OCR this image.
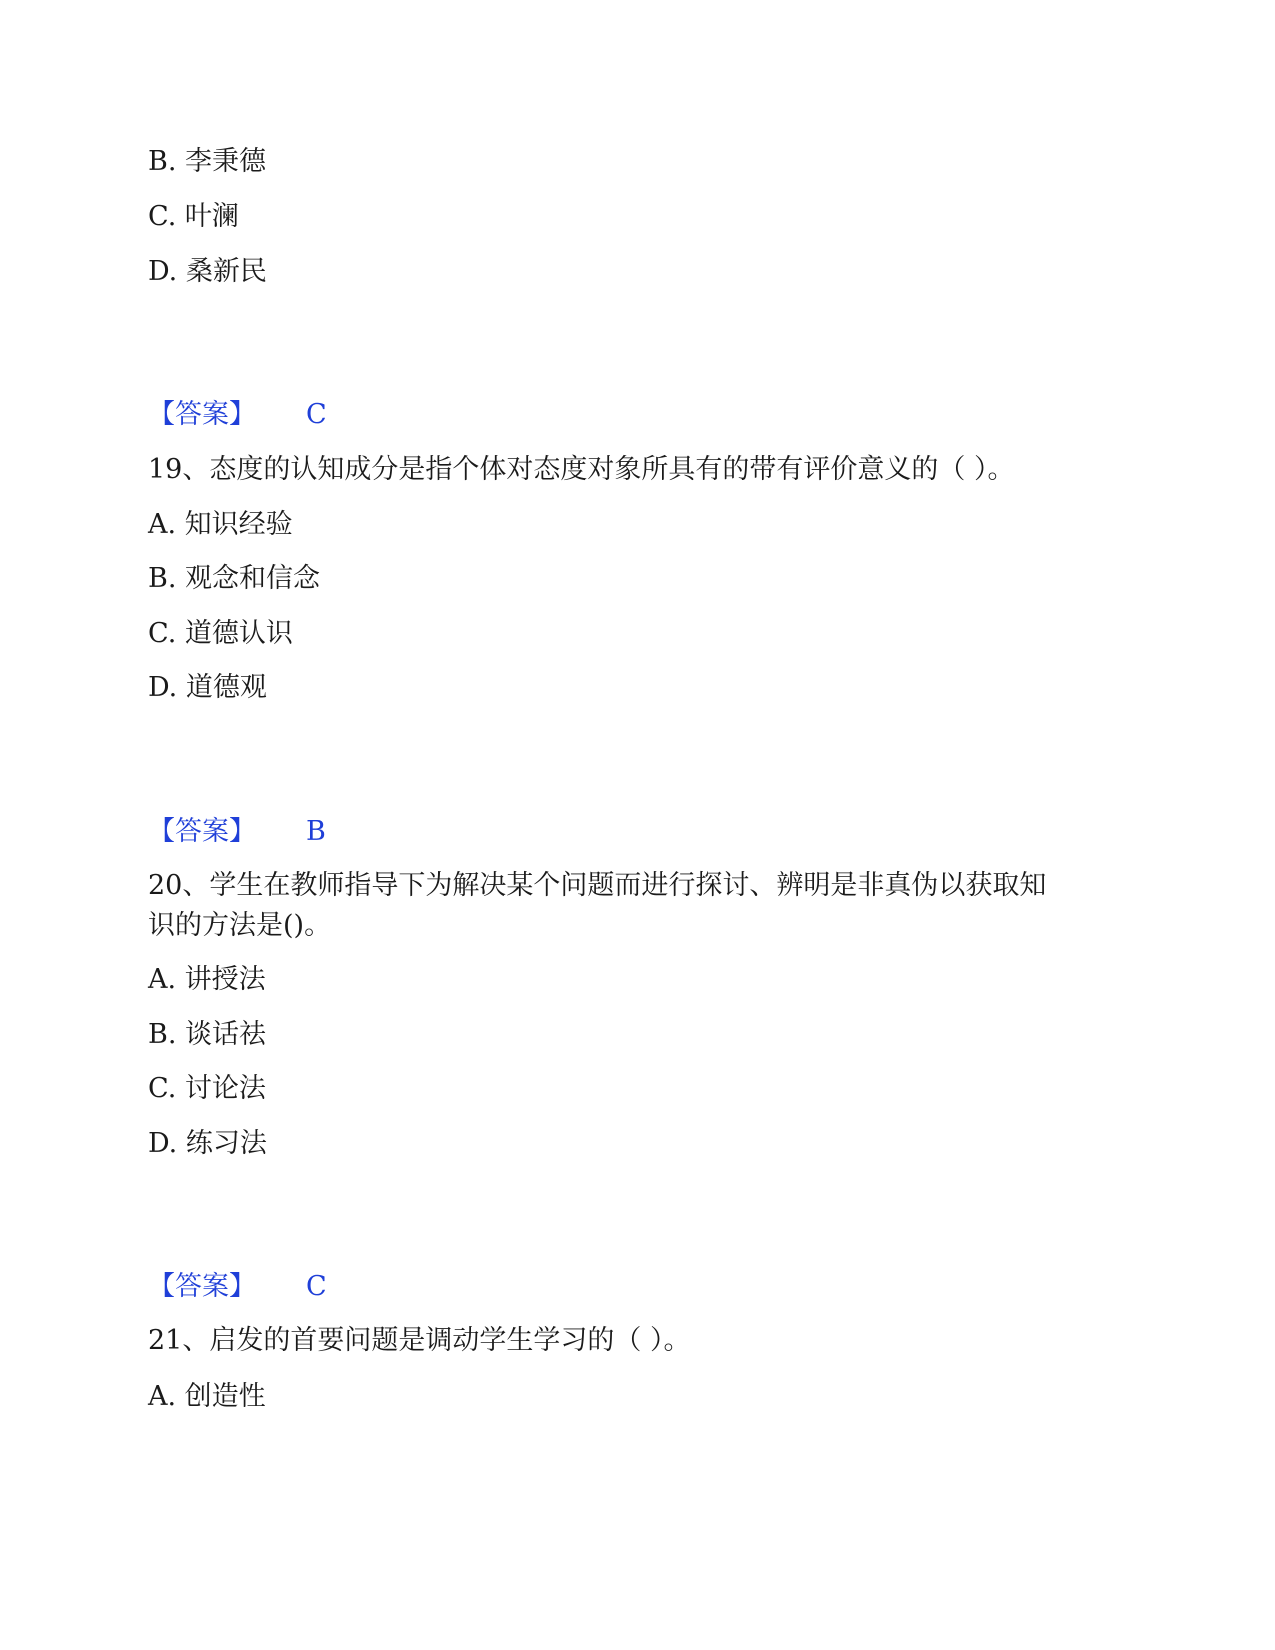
B. 李秉德
C. 叶澜
D. 桑新民
【答案】 C
19、态度的认知成分是指个体对态度对象所具有的带有评价意义的（ ）。
A. 知识经验
B. 观念和信念
C. 道德认识
D. 道德观
【答案】 B
20、学生在教师指导下为解决某个问题而进行探讨、辨明是非真伪以获取知
识的方法是()。
A. 讲授法
B. 谈话祛
C. 讨论法
D. 练习法
【答案】 C
21、启发的首要问题是调动学生学习的（ ）。
A. 创造性
